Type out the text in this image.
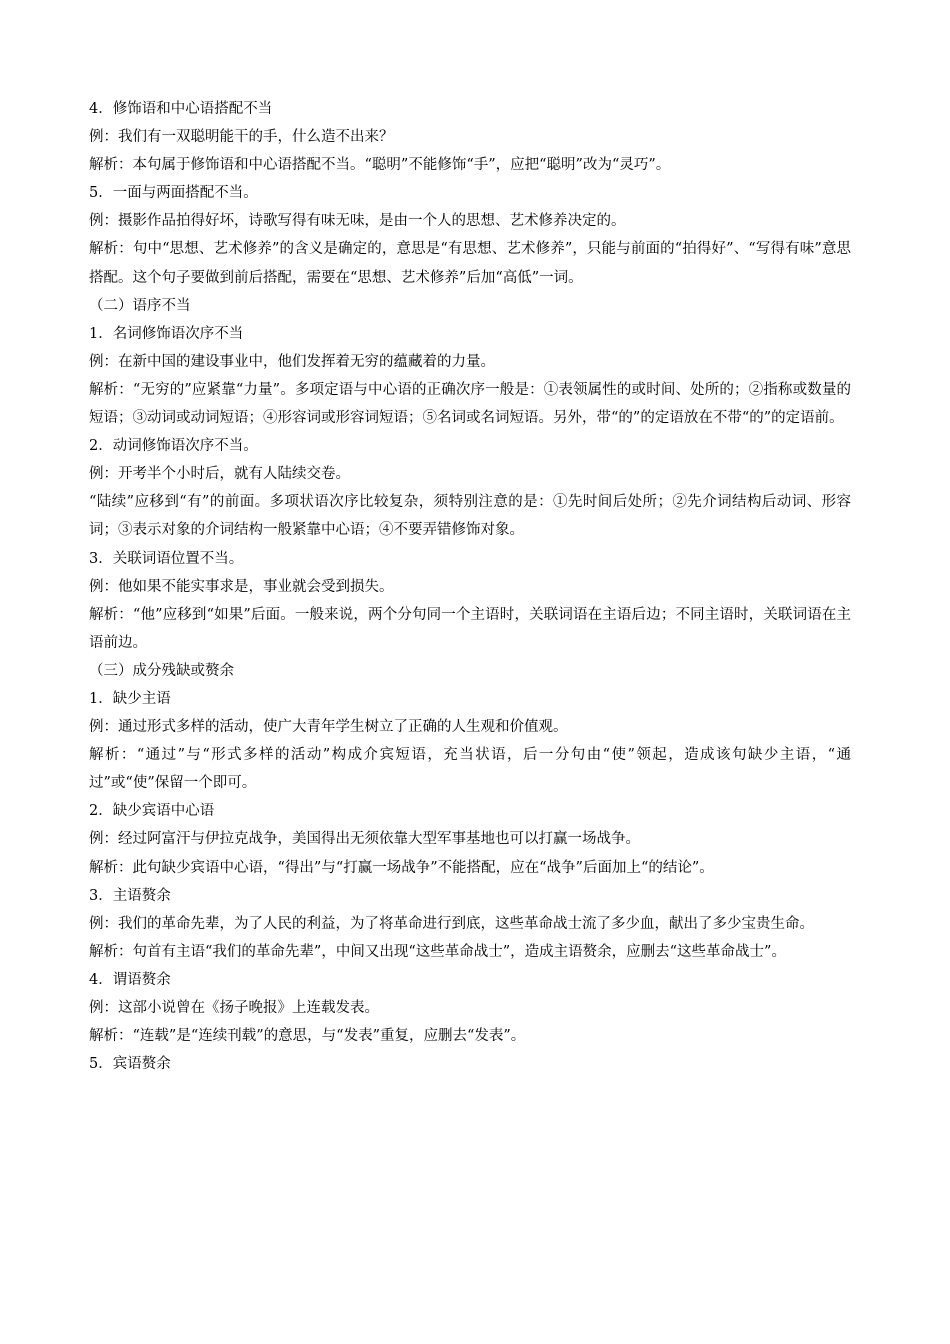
4．修饰语和中心语搭配不当

例：我们有一双聪明能干的手，什么造不出来？

解析：本句属于修饰语和中心语搭配不当。“聪明”不能修饰“手”，应把“聪明”改为“灵巧”。

5．一面与两面搭配不当。

例：摄影作品拍得好坏，诗歌写得有味无味，是由一个人的思想、艺术修养决定的。

解析：句中“思想、艺术修养”的含义是确定的，意思是“有思想、艺术修养”，只能与前面的“拍得好”、“写得有味”意思搭配。这个句子要做到前后搭配，需要在“思想、艺术修养”后加“高低”一词。

（二）语序不当

1．名词修饰语次序不当

例：在新中国的建设事业中，他们发挥着无穷的蕴藏着的力量。

解析：“无穷的”应紧靠“力量”。多项定语与中心语的正确次序一般是：①表领属性的或时间、处所的；②指称或数量的短语；③动词或动词短语；④形容词或形容词短语；⑤名词或名词短语。另外，带“的”的定语放在不带“的”的定语前。

2．动词修饰语次序不当。

例：开考半个小时后，就有人陆续交卷。

“陆续”应移到“有”的前面。多项状语次序比较复杂，须特别注意的是：①先时间后处所；②先介词结构后动词、形容词；③表示对象的介词结构一般紧靠中心语；④不要弄错修饰对象。

3．关联词语位置不当。

例：他如果不能实事求是，事业就会受到损失。

解析：“他”应移到“如果”后面。一般来说，两个分句同一个主语时，关联词语在主语后边；不同主语时，关联词语在主语前边。

（三）成分残缺或赘余

1．缺少主语

例：通过形式多样的活动，使广大青年学生树立了正确的人生观和价值观。

解析：“通过”与“形式多样的活动”构成介宾短语，充当状语，后一分句由“使”领起，造成该句缺少主语，“通过”或“使”保留一个即可。

2．缺少宾语中心语

例：经过阿富汗与伊拉克战争，美国得出无须依靠大型军事基地也可以打赢一场战争。

解析：此句缺少宾语中心语，“得出”与“打赢一场战争”不能搭配，应在“战争”后面加上“的结论”。

3．主语赘余

例：我们的革命先辈，为了人民的利益，为了将革命进行到底，这些革命战士流了多少血，献出了多少宝贵生命。

解析：句首有主语“我们的革命先辈”，中间又出现“这些革命战士”，造成主语赘余，应删去“这些革命战士”。

4．谓语赘余

例：这部小说曾在《扬子晚报》上连载发表。

解析：“连载”是“连续刊载”的意思，与“发表”重复，应删去“发表”。

5．宾语赘余
